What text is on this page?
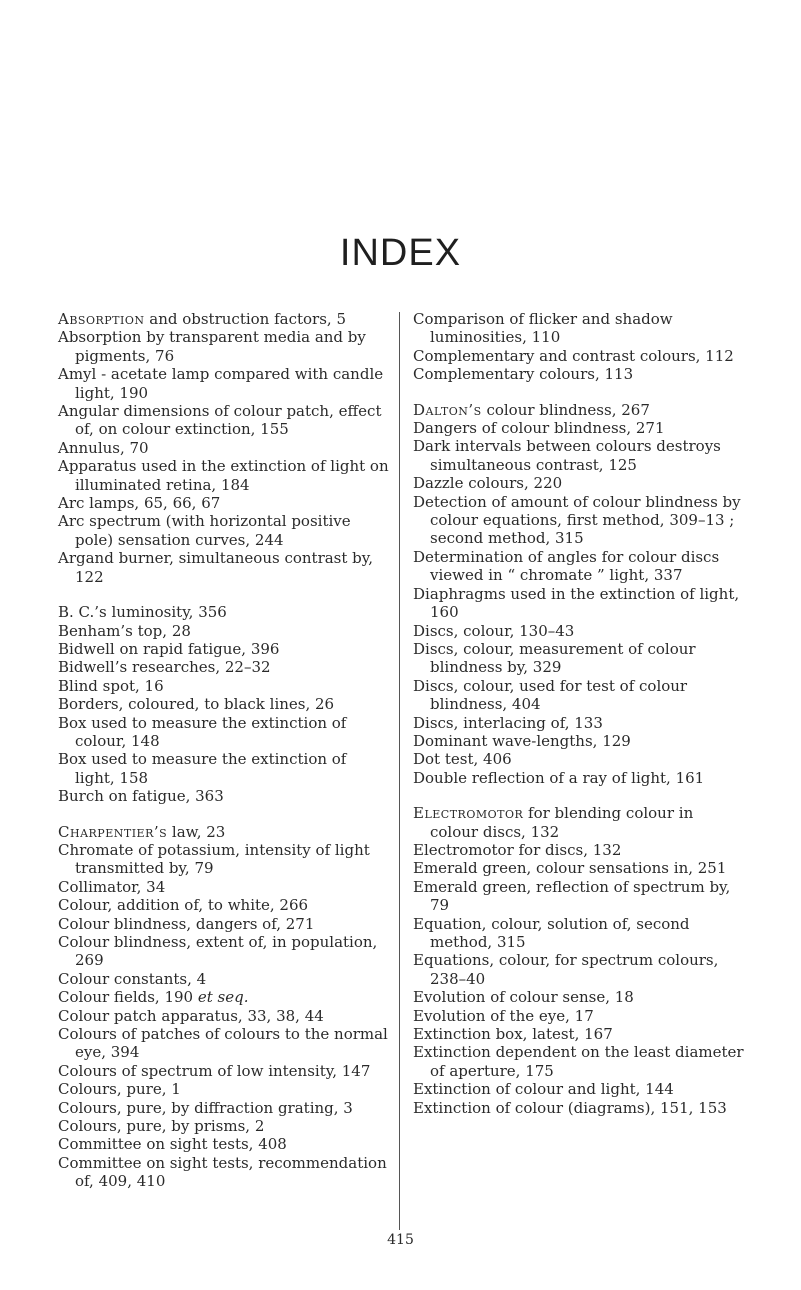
INDEX

Absorption and obstruction factors, 5

Absorption by transparent media and by pigments, 76

Amyl - acetate lamp compared with candle light, 190

Angular dimensions of colour patch, effect of, on colour extinction, 155

Annulus, 70

Apparatus used in the extinction of light on illuminated retina, 184

Arc lamps, 65, 66, 67

Arc spectrum (with horizontal positive pole) sensation curves, 244

Argand burner, simultaneous contrast by, 122

B. C.’s luminosity, 356

Benham’s top, 28

Bidwell on rapid fatigue, 396

Bidwell’s researches, 22–32

Blind spot, 16

Borders, coloured, to black lines, 26

Box used to measure the extinction of colour, 148

Box used to measure the extinction of light, 158

Burch on fatigue, 363

Charpentier’s law, 23

Chromate of potassium, intensity of light transmitted by, 79

Collimator, 34

Colour, addition of, to white, 266

Colour blindness, dangers of, 271

Colour blindness, extent of, in population, 269

Colour constants, 4

Colour fields, 190 et seq.

Colour patch apparatus, 33, 38, 44

Colours of patches of colours to the normal eye, 394

Colours of spectrum of low intensity, 147

Colours, pure, 1

Colours, pure, by diffraction grating, 3

Colours, pure, by prisms, 2

Committee on sight tests, 408

Committee on sight tests, recommendation of, 409, 410

Comparison of flicker and shadow luminosities, 110

Complementary and contrast colours, 112

Complementary colours, 113

Dalton’s colour blindness, 267

Dangers of colour blindness, 271

Dark intervals between colours destroys simultaneous contrast, 125

Dazzle colours, 220

Detection of amount of colour blindness by colour equations, first method, 309–13 ; second method, 315

Determination of angles for colour discs viewed in “ chromate ” light, 337

Diaphragms used in the extinction of light, 160

Discs, colour, 130–43

Discs, colour, measurement of colour blindness by, 329

Discs, colour, used for test of colour blindness, 404

Discs, interlacing of, 133

Dominant wave-lengths, 129

Dot test, 406

Double reflection of a ray of light, 161

Electromotor for blending colour in colour discs, 132

Electromotor for discs, 132

Emerald green, colour sensations in, 251

Emerald green, reflection of spectrum by, 79

Equation, colour, solution of, second method, 315

Equations, colour, for spectrum colours, 238–40

Evolution of colour sense, 18

Evolution of the eye, 17

Extinction box, latest, 167

Extinction dependent on the least diameter of aperture, 175

Extinction of colour and light, 144

Extinction of colour (diagrams), 151, 153

415
